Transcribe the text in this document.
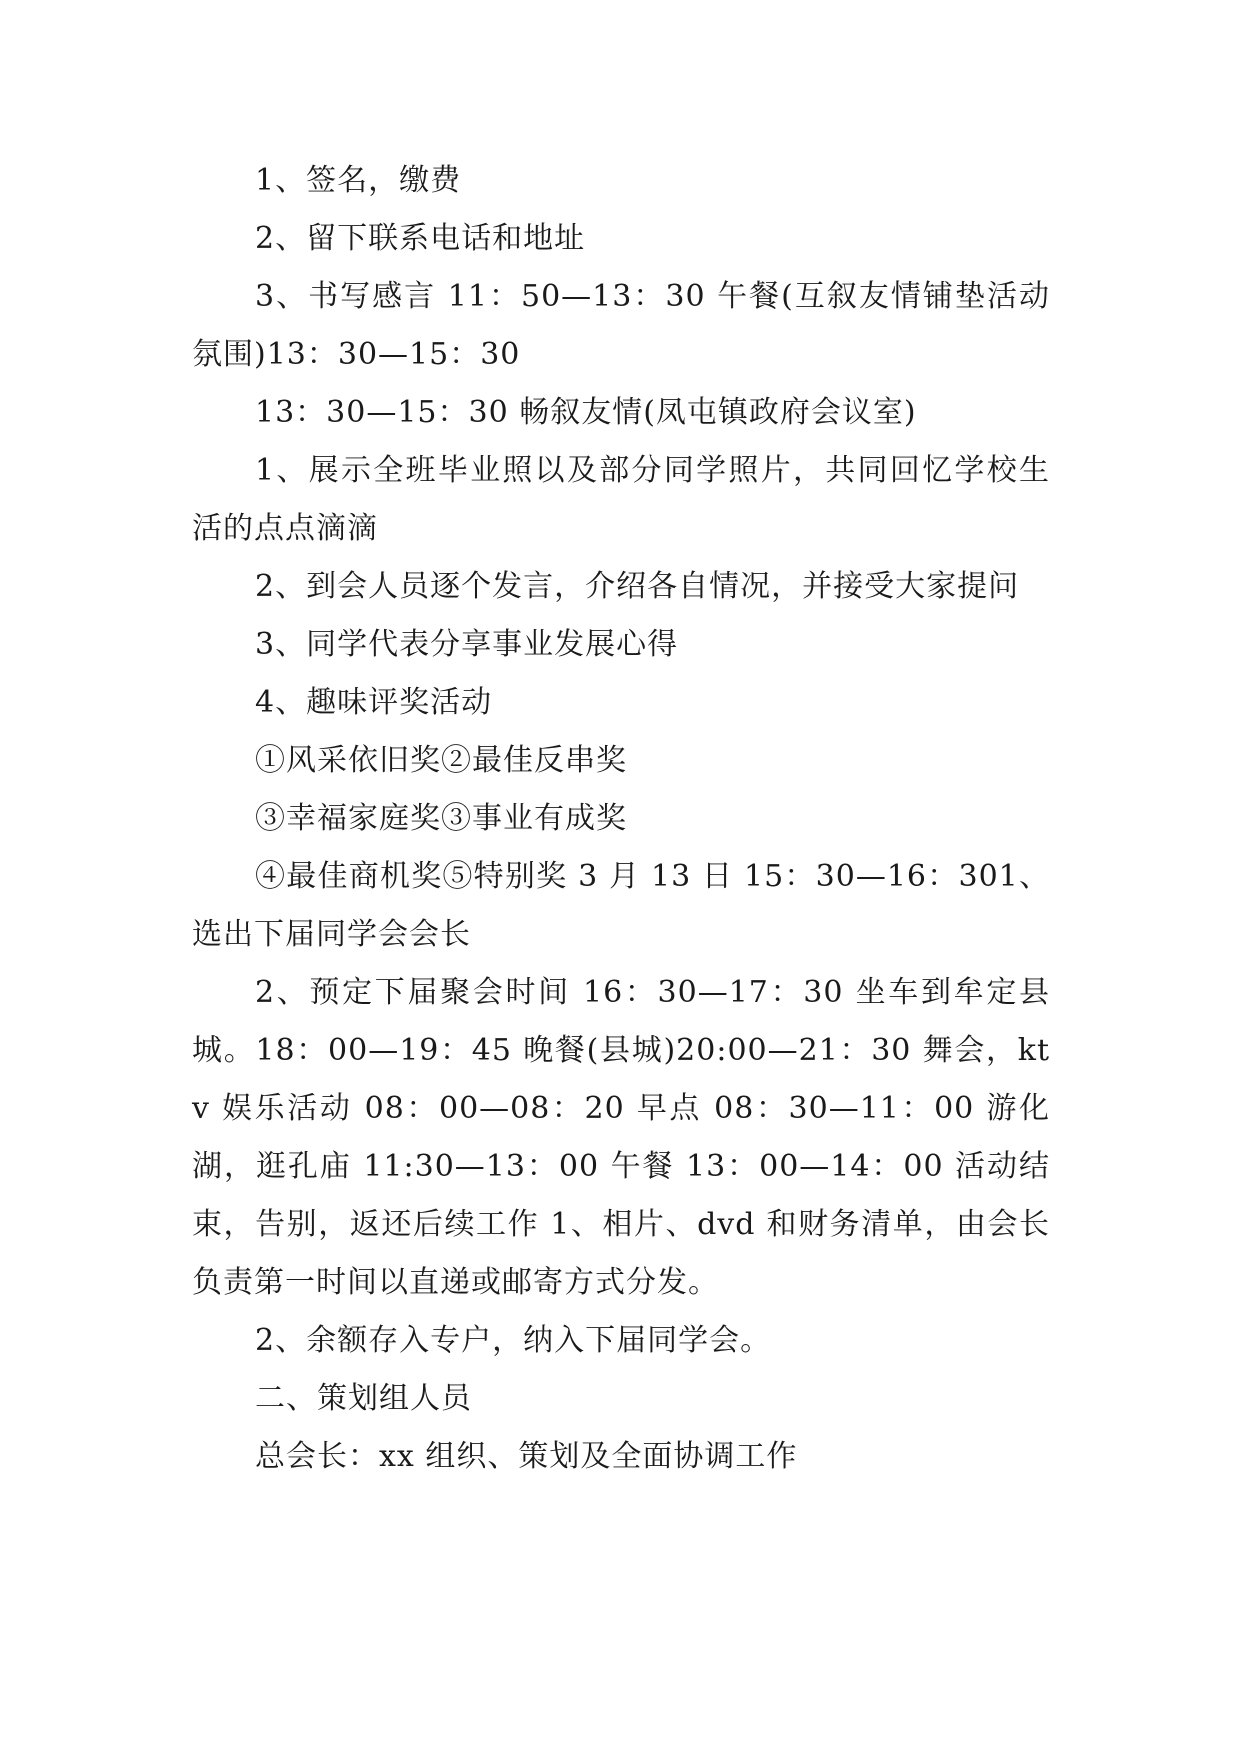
1、签名，缴费

2、留下联系电话和地址

3、书写感言 11：50—13：30 午餐(互叙友情铺垫活动氛围)13：30—15：30

13：30—15：30 畅叙友情(凤屯镇政府会议室)

1、展示全班毕业照以及部分同学照片，共同回忆学校生活的点点滴滴

2、到会人员逐个发言，介绍各自情况，并接受大家提问

3、同学代表分享事业发展心得

4、趣味评奖活动

①风采依旧奖②最佳反串奖

③幸福家庭奖③事业有成奖

④最佳商机奖⑤特别奖 3 月 13 日 15：30—16：301、选出下届同学会会长

2、预定下届聚会时间 16：30—17：30 坐车到牟定县城。18：00—19：45 晚餐(县城)20:00—21：30 舞会，ktv 娱乐活动 08：00—08：20 早点 08：30—11：00 游化湖，逛孔庙 11:30—13：00 午餐 13：00—14：00 活动结束，告别，返还后续工作 1、相片、dvd 和财务清单，由会长负责第一时间以直递或邮寄方式分发。

2、余额存入专户，纳入下届同学会。

二、策划组人员

总会长：xx 组织、策划及全面协调工作
